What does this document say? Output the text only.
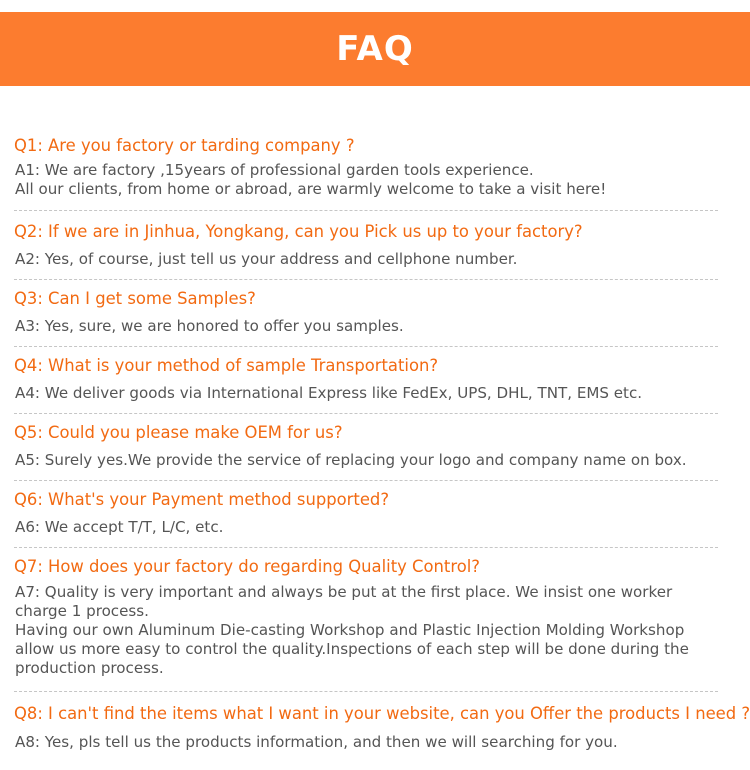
FAQ
Q1: Are you factory or tarding company ?
A1: We are factory ,15years of professional garden tools experience.
All our clients, from home or abroad, are warmly welcome to take a visit here!
Q2: If we are in Jinhua, Yongkang, can you Pick us up to your factory?
A2: Yes, of course, just tell us your address and cellphone number.
Q3: Can I get some Samples?
A3: Yes, sure, we are honored to offer you samples.
Q4: What is your method of sample Transportation?
A4: We deliver goods via International Express like FedEx, UPS, DHL, TNT, EMS etc.
Q5: Could you please make OEM for us?
A5: Surely yes.We provide the service of replacing your logo and company name on box.
Q6: What's your Payment method supported?
A6: We accept T/T, L/C, etc.
Q7: How does your factory do regarding Quality Control?
A7: Quality is very important and always be put at the first place. We insist one worker
charge 1 process.
Having our own Aluminum Die-casting Workshop and Plastic Injection Molding Workshop
allow us more easy to control the quality.Inspections of each step will be done during the
production process.
Q8: I can't find the items what I want in your website, can you Offer the products I need ?
A8: Yes, pls tell us the products information, and then we will searching for you.
